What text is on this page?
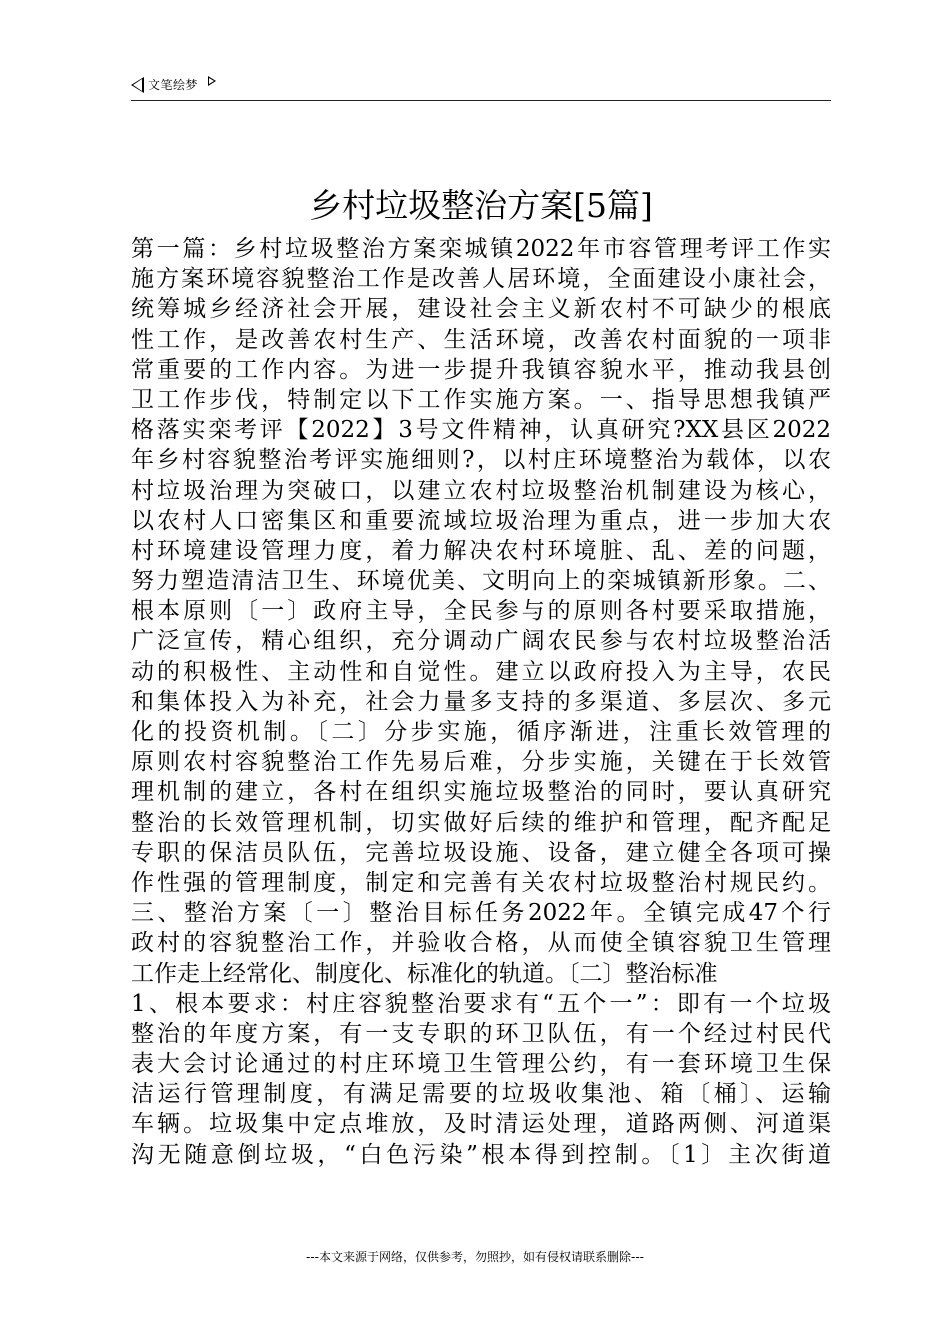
文笔绘梦
乡村垃圾整治方案[5篇]
第一篇：乡村垃圾整治方案栾城镇2022年市容管理考评工作实
施方案环境容貌整治工作是改善人居环境，全面建设小康社会，
统筹城乡经济社会开展，建设社会主义新农村不可缺少的根底
性工作，是改善农村生产、生活环境，改善农村面貌的一项非
常重要的工作内容。为进一步提升我镇容貌水平，推动我县创
卫工作步伐，特制定以下工作实施方案。一、指导思想我镇严
格落实栾考评【2022】3号文件精神，认真研究?XX县区2022
年乡村容貌整治考评实施细则?，以村庄环境整治为载体，以农
村垃圾治理为突破口，以建立农村垃圾整治机制建设为核心，
以农村人口密集区和重要流域垃圾治理为重点，进一步加大农
村环境建设管理力度，着力解决农村环境脏、乱、差的问题，
努力塑造清洁卫生、环境优美、文明向上的栾城镇新形象。二、
根本原则〔一〕政府主导，全民参与的原则各村要采取措施，
广泛宣传，精心组织，充分调动广阔农民参与农村垃圾整治活
动的积极性、主动性和自觉性。建立以政府投入为主导，农民
和集体投入为补充，社会力量多支持的多渠道、多层次、多元
化的投资机制。〔二〕分步实施，循序渐进，注重长效管理的
原则农村容貌整治工作先易后难，分步实施，关键在于长效管
理机制的建立，各村在组织实施垃圾整治的同时，要认真研究
整治的长效管理机制，切实做好后续的维护和管理，配齐配足
专职的保洁员队伍，完善垃圾设施、设备，建立健全各项可操
作性强的管理制度，制定和完善有关农村垃圾整治村规民约。
三、整治方案〔一〕整治目标任务2022年。全镇完成47个行
政村的容貌整治工作，并验收合格，从而使全镇容貌卫生管理
工作走上经常化、制度化、标准化的轨道。〔二〕整治标准
1、根本要求：村庄容貌整治要求有“五个一”：即有一个垃圾
整治的年度方案，有一支专职的环卫队伍，有一个经过村民代
表大会讨论通过的村庄环境卫生管理公约，有一套环境卫生保
洁运行管理制度，有满足需要的垃圾收集池、箱〔桶〕、运输
车辆。垃圾集中定点堆放，及时清运处理，道路两侧、河道渠
沟无随意倒垃圾，“白色污染”根本得到控制。〔1〕主次街道
---本文来源于网络，仅供参考，勿照抄，如有侵权请联系删除---
